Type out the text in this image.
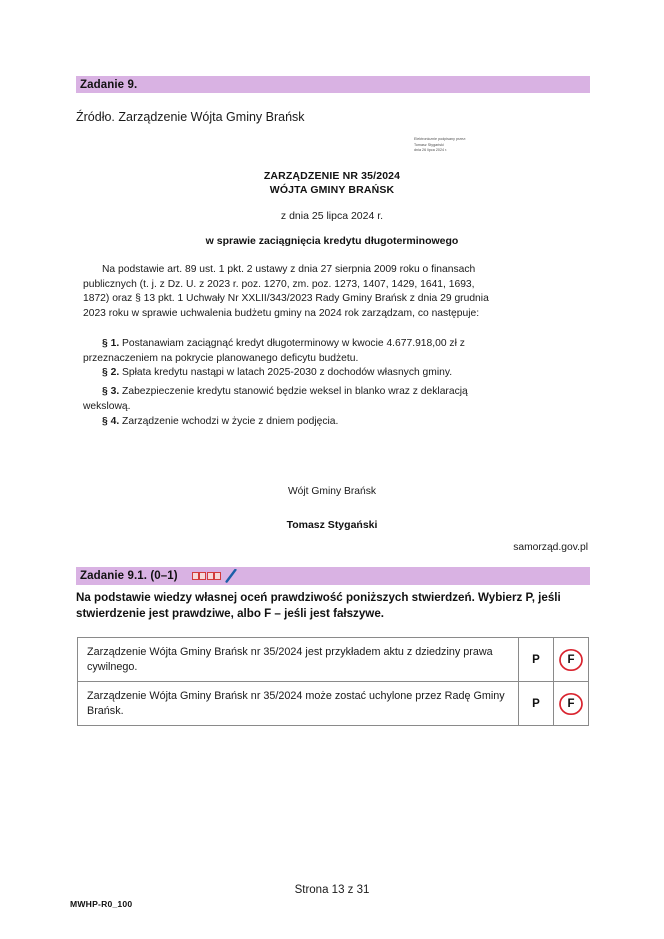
Zadanie 9.
Źródło. Zarządzenie Wójta Gminy Brańsk
Elektronicznie podpisany przez:
Tomasz Stygański
dnia 26 lipca 2024 r.
ZARZĄDZENIE NR 35/2024
WÓJTA GMINY BRAŃSK
z dnia 25 lipca 2024 r.
w sprawie zaciągnięcia kredytu długoterminowego
Na podstawie art. 89 ust. 1 pkt. 2 ustawy z dnia 27 sierpnia 2009 roku o finansach publicznych (t. j. z Dz. U. z 2023 r. poz. 1270, zm. poz. 1273, 1407, 1429, 1641, 1693, 1872) oraz § 13 pkt. 1 Uchwały Nr XXLII/343/2023 Rady Gminy Brańsk z dnia 29 grudnia 2023 roku w sprawie uchwalenia budżetu gminy na 2024 rok zarządzam, co następuje:
§ 1. Postanawiam zaciągnąć kredyt długoterminowy w kwocie 4.677.918,00 zł z przeznaczeniem na pokrycie planowanego deficytu budżetu.
§ 2. Spłata kredytu nastąpi w latach 2025-2030 z dochodów własnych gminy.
§ 3. Zabezpieczenie kredytu stanowić będzie weksel in blanko wraz z deklaracją wekslową.
§ 4. Zarządzenie wchodzi w życie z dniem podjęcia.
Wójt Gminy Brańsk
Tomasz Stygański
samorząd.gov.pl
Zadanie 9.1. (0–1)
Na podstawie wiedzy własnej oceń prawdziwość poniższych stwierdzeń. Wybierz P, jeśli stwierdzenie jest prawdziwe, albo F – jeśli jest fałszywe.
Zarządzenie Wójta Gminy Brańsk nr 35/2024 jest przykładem aktu z dziedziny prawa cywilnego.	P	F
Zarządzenie Wójta Gminy Brańsk nr 35/2024 może zostać uchylone przez Radę Gminy Brańsk.	P	F
Strona 13 z 31
MWHP-R0_100
